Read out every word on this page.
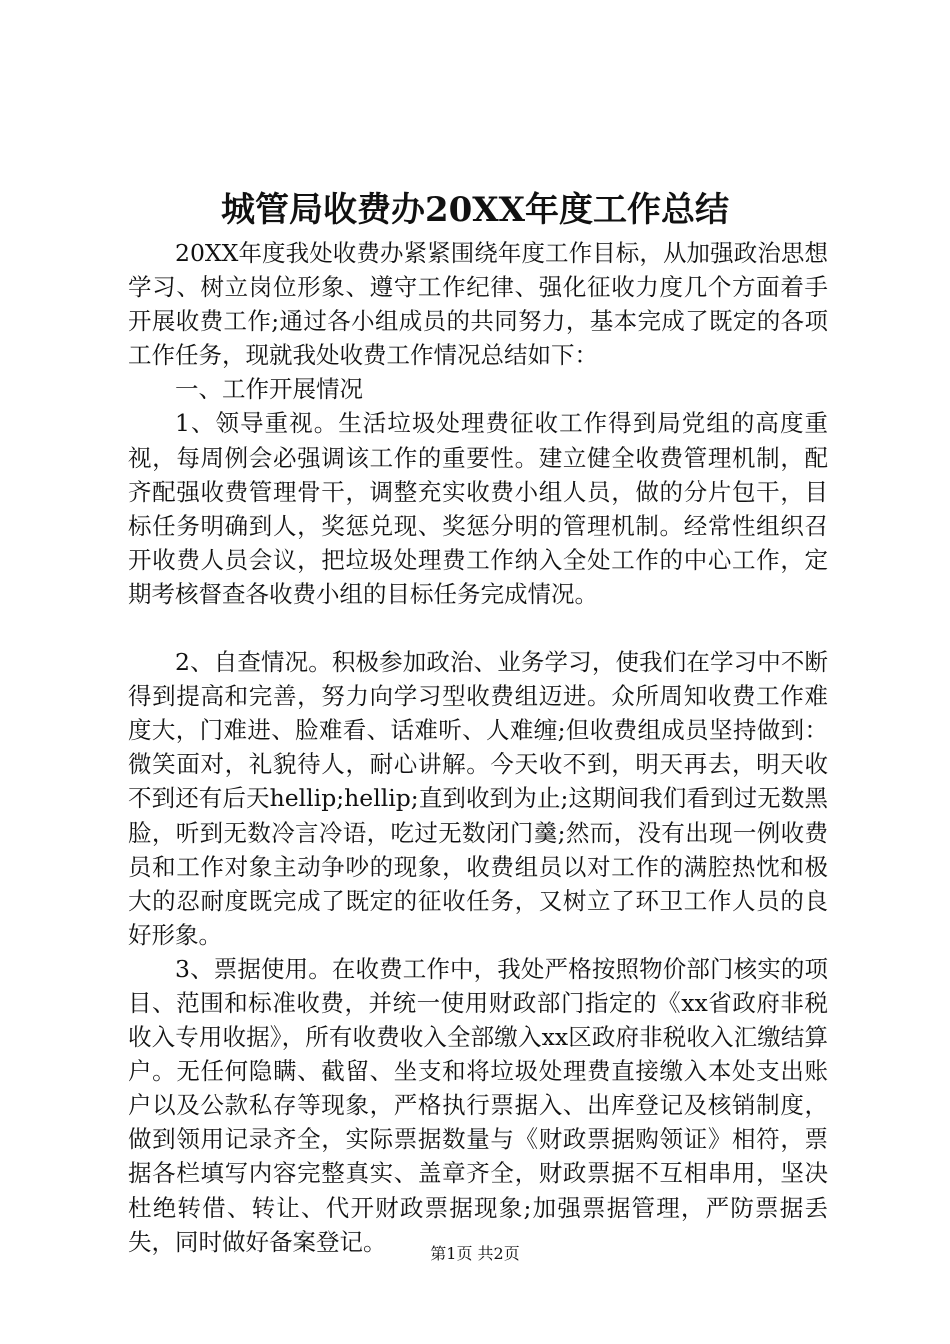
城管局收费办20XX年度工作总结

20XX年度我处收费办紧紧围绕年度工作目标，从加强政治思想学习、树立岗位形象、遵守工作纪律、强化征收力度几个方面着手开展收费工作;通过各小组成员的共同努力，基本完成了既定的各项工作任务，现就我处收费工作情况总结如下：

一、工作开展情况

1、领导重视。生活垃圾处理费征收工作得到局党组的高度重视，每周例会必强调该工作的重要性。建立健全收费管理机制，配齐配强收费管理骨干，调整充实收费小组人员，做的分片包干，目标任务明确到人，奖惩兑现、奖惩分明的管理机制。经常性组织召开收费人员会议，把垃圾处理费工作纳入全处工作的中心工作，定期考核督查各收费小组的目标任务完成情况。

2、自查情况。积极参加政治、业务学习，使我们在学习中不断得到提高和完善，努力向学习型收费组迈进。众所周知收费工作难度大，门难进、脸难看、话难听、人难缠;但收费组成员坚持做到：微笑面对，礼貌待人，耐心讲解。今天收不到，明天再去，明天收不到还有后天hellip;hellip;直到收到为止;这期间我们看到过无数黑脸，听到无数冷言冷语，吃过无数闭门羹;然而，没有出现一例收费员和工作对象主动争吵的现象，收费组员以对工作的满腔热忱和极大的忍耐度既完成了既定的征收任务，又树立了环卫工作人员的良好形象。

3、票据使用。在收费工作中，我处严格按照物价部门核实的项目、范围和标准收费，并统一使用财政部门指定的《xx省政府非税收入专用收据》，所有收费收入全部缴入xx区政府非税收入汇缴结算户。无任何隐瞒、截留、坐支和将垃圾处理费直接缴入本处支出账户以及公款私存等现象，严格执行票据入、出库登记及核销制度，做到领用记录齐全，实际票据数量与《财政票据购领证》相符，票据各栏填写内容完整真实、盖章齐全，财政票据不互相串用，坚决杜绝转借、转让、代开财政票据现象;加强票据管理，严防票据丢失，同时做好备案登记。	第1页 共2页
